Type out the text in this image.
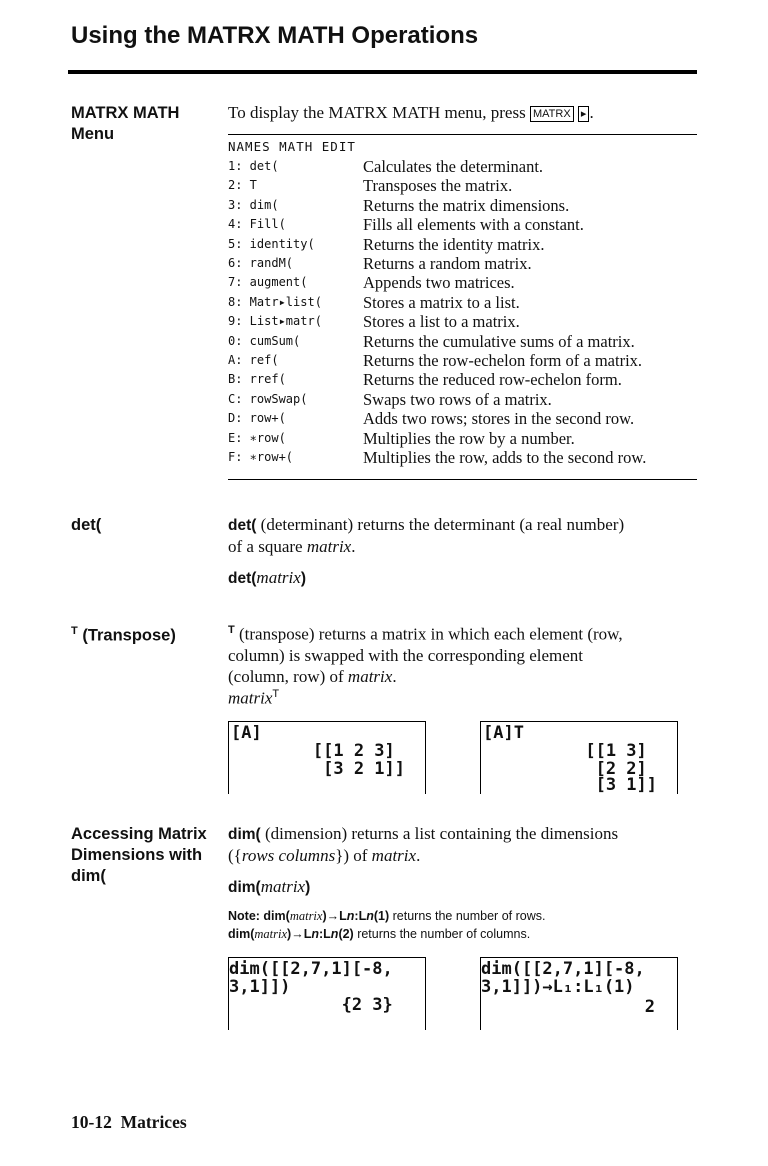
Using the MATRX MATH Operations
MATRX MATH
Menu
To display the MATRX MATH menu, press MATRX ▸ .
NAMES MATH EDIT
1: det(	Calculates the determinant.
2: T	Transposes the matrix.
3: dim(	Returns the matrix dimensions.
4: Fill(	Fills all elements with a constant.
5: identity(	Returns the identity matrix.
6: randM(	Returns a random matrix.
7: augment(	Appends two matrices.
8: Matr▸list( Stores a matrix to a list.
9: List▸matr( Stores a list to a matrix.
0: cumSum(	Returns the cumulative sums of a matrix.
A: ref(	Returns the row-echelon form of a matrix.
B: rref(	Returns the reduced row-echelon form.
C: rowSwap(	Swaps two rows of a matrix.
D: row+(	Adds two rows; stores in the second row.
E: ∗row(	Multiplies the row by a number.
F: ∗row+(	Multiplies the row, adds to the second row.
det(	det( (determinant) returns the determinant (a real number)
of a square matrix.
det(matrix)
$^T$ (Transpose)	$^T$ (transpose) returns a matrix in which each element (row,
column) is swapped with the corresponding element
(column, row) of matrix.
matrix$^T$
[A]
[[1 2 3]
[3 2 1]]
[A]T
[[1 3]
[2 2]
[3 1]]
Accessing Matrix
Dimensions with
dim(
dim( (dimension) returns a list containing the dimensions
({rows columns}) of matrix.
dim(matrix)
Note: dim(matrix)→Ln:Ln(1) returns the number of rows.
dim(matrix)→Ln:Ln(2) returns the number of columns.
dim([[2,7,1][-8,
3,1]])
{2 3}
dim([[2,7,1][-8,
3,1]])→L₁:L₁(1)
2
10-12 Matrices
